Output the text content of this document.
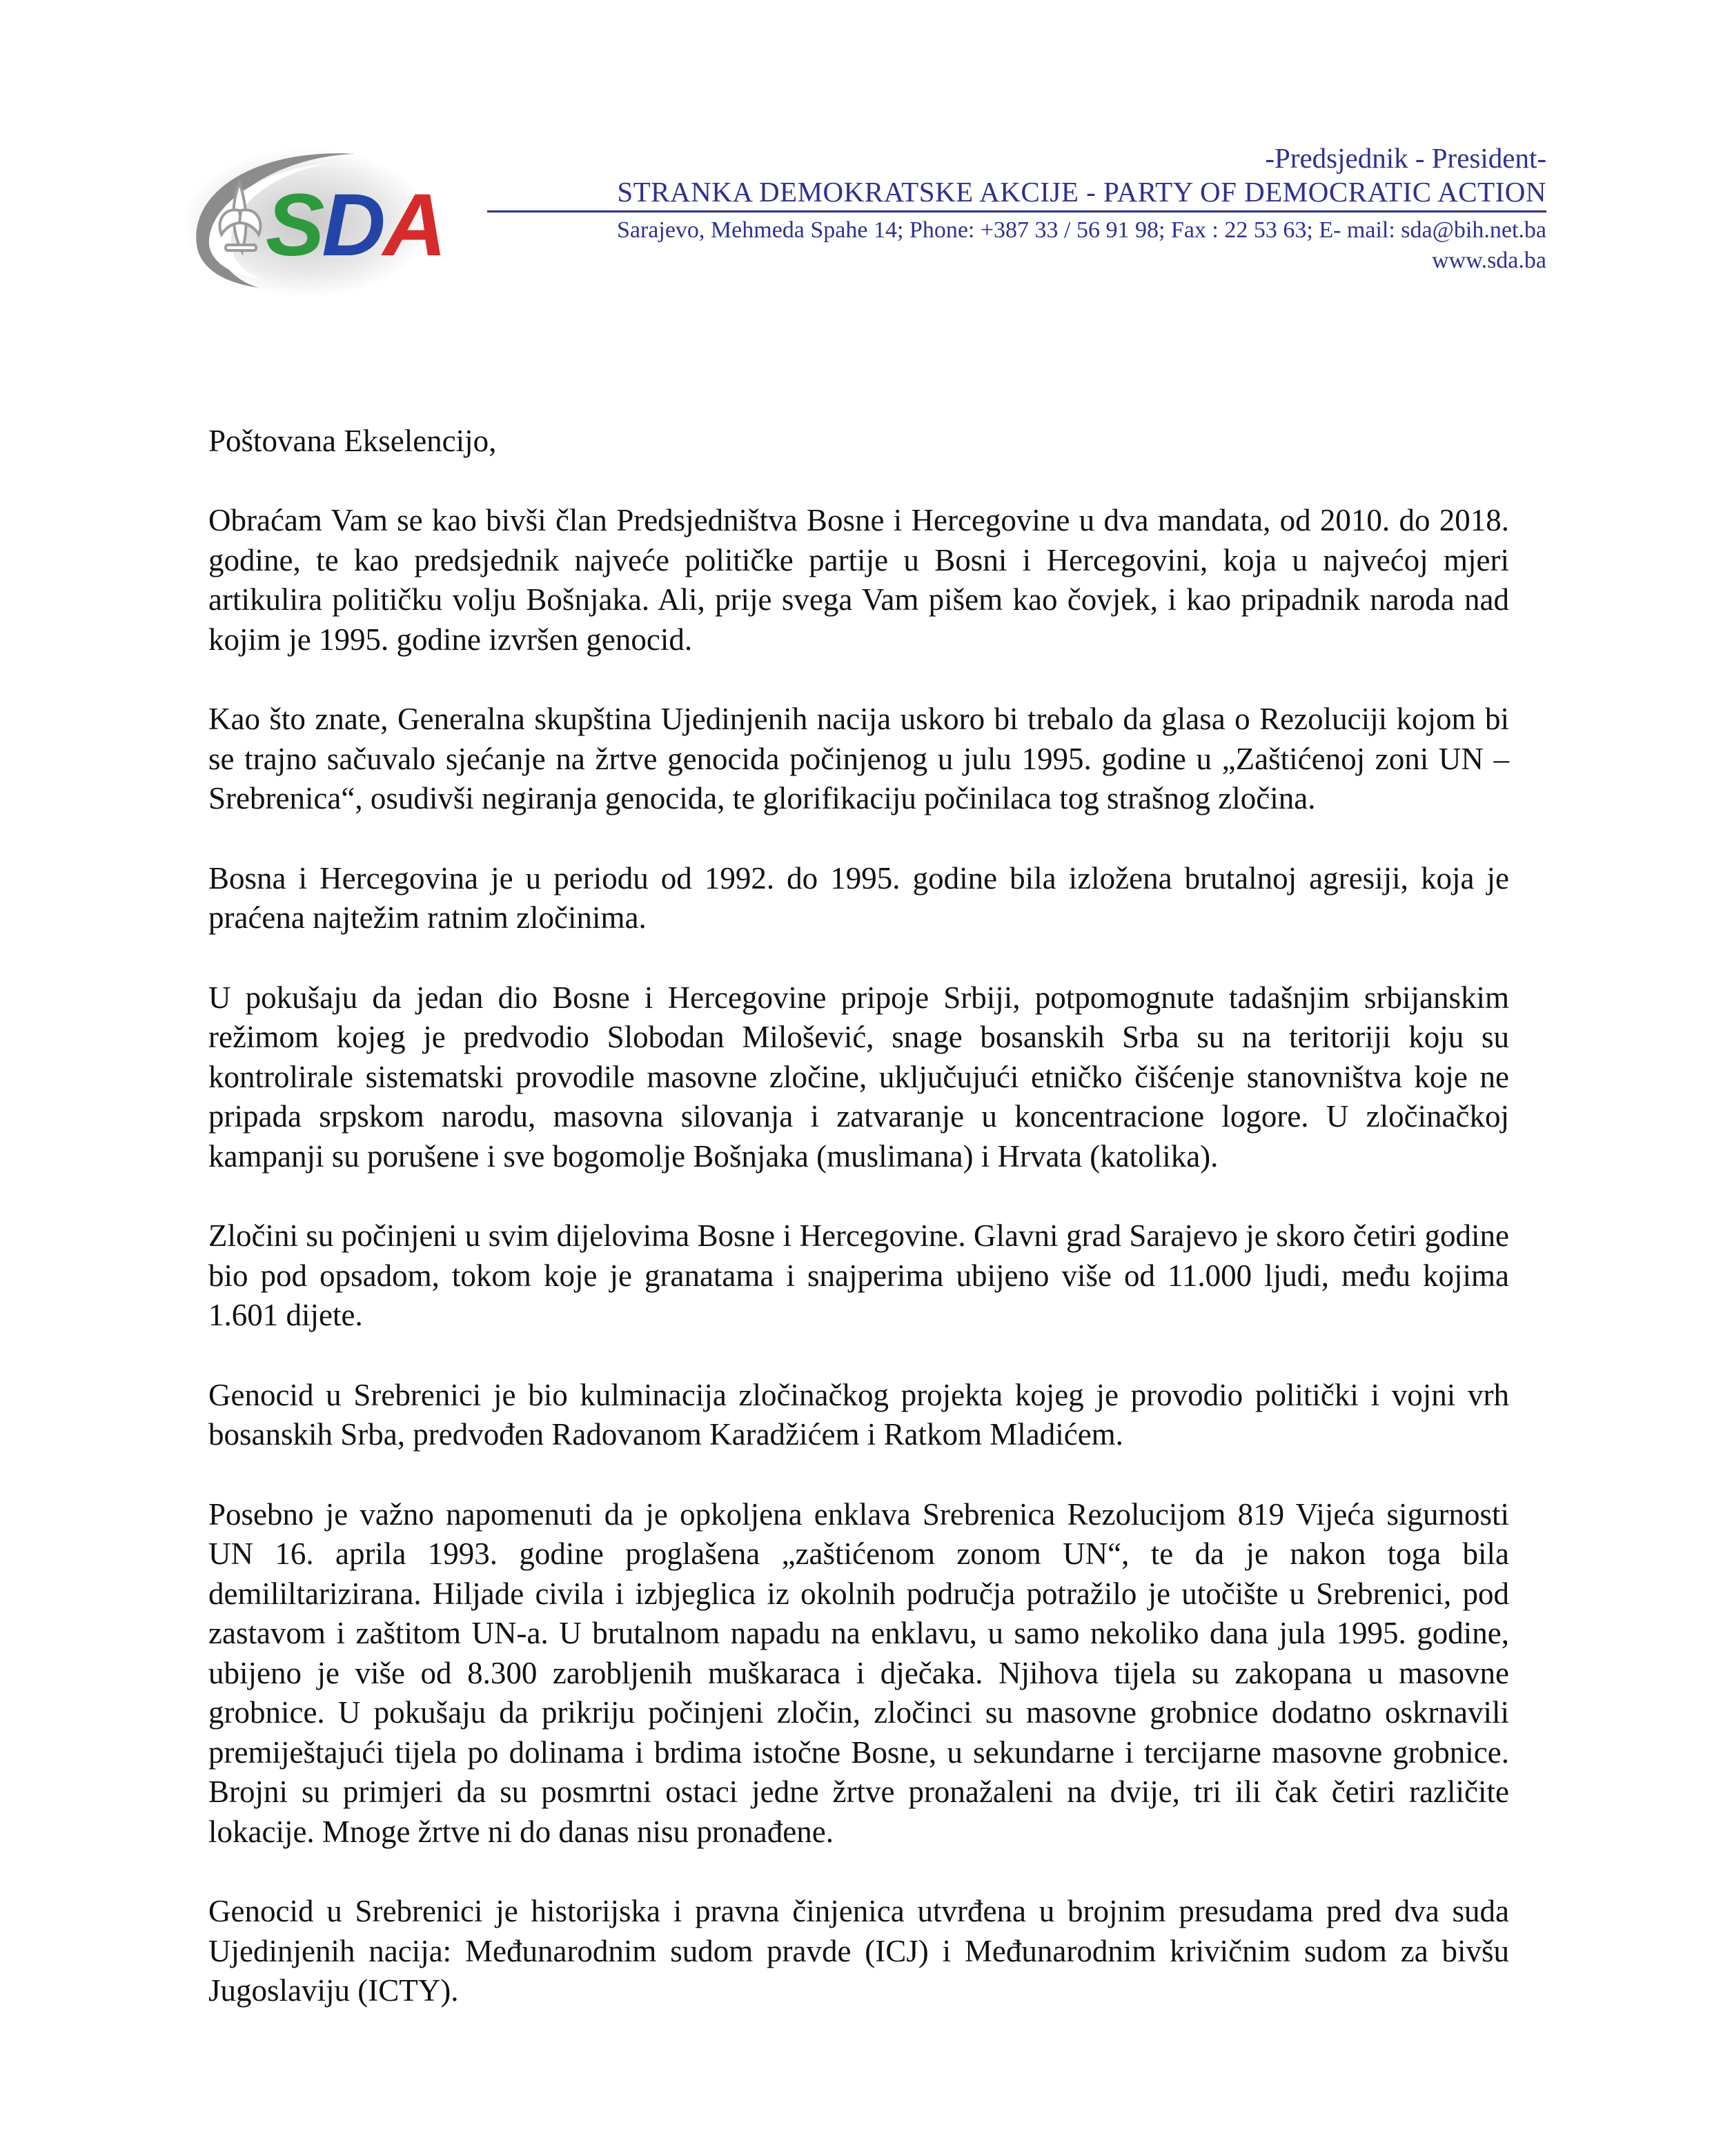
SDA
-Predsjednik - President-
STRANKA DEMOKRATSKE AKCIJE - PARTY OF DEMOCRATIC ACTION
Sarajevo, Mehmeda Spahe 14; Phone: +387 33 / 56 91 98; Fax : 22 53 63; E- mail: sda@bih.net.ba
www.sda.ba

Poštovana Ekselencijo,

Obraćam Vam se kao bivši član Predsjedništva Bosne i Hercegovine u dva mandata, od 2010. do 2018. godine, te kao predsjednik najveće političke partije u Bosni i Hercegovini, koja u najvećoj mjeri artikulira političku volju Bošnjaka. Ali, prije svega Vam pišem kao čovjek, i kao pripadnik naroda nad kojim je 1995. godine izvršen genocid.

Kao što znate, Generalna skupština Ujedinjenih nacija uskoro bi trebalo da glasa o Rezoluciji kojom bi se trajno sačuvalo sjećanje na žrtve genocida počinjenog u julu 1995. godine u „Zaštićenoj zoni UN – Srebrenica“, osudivši negiranja genocida, te glorifikaciju počinilaca tog strašnog zločina.

Bosna i Hercegovina je u periodu od 1992. do 1995. godine bila izložena brutalnoj agresiji, koja je praćena najtežim ratnim zločinima.

U pokušaju da jedan dio Bosne i Hercegovine pripoje Srbiji, potpomognute tadašnjim srbijanskim režimom kojeg je predvodio Slobodan Milošević, snage bosanskih Srba su na teritoriji koju su kontrolirale sistematski provodile masovne zločine, uključujući etničko čišćenje stanovništva koje ne pripada srpskom narodu, masovna silovanja i zatvaranje u koncentracione logore. U zločinačkoj kampanji su porušene i sve bogomolje Bošnjaka (muslimana) i Hrvata (katolika).

Zločini su počinjeni u svim dijelovima Bosne i Hercegovine. Glavni grad Sarajevo je skoro četiri godine bio pod opsadom, tokom koje je granatama i snajperima ubijeno više od 11.000 ljudi, među kojima 1.601 dijete.

Genocid u Srebrenici je bio kulminacija zločinačkog projekta kojeg je provodio politički i vojni vrh bosanskih Srba, predvođen Radovanom Karadžićem i Ratkom Mladićem.

Posebno je važno napomenuti da je opkoljena enklava Srebrenica Rezolucijom 819 Vijeća sigurnosti UN 16. aprila 1993. godine proglašena „zaštićenom zonom UN“, te da je nakon toga bila demililtarizirana. Hiljade civila i izbjeglica iz okolnih područja potražilo je utočište u Srebrenici, pod zastavom i zaštitom UN-a. U brutalnom napadu na enklavu, u samo nekoliko dana jula 1995. godine, ubijeno je više od 8.300 zarobljenih muškaraca i dječaka. Njihova tijela su zakopana u masovne grobnice. U pokušaju da prikriju počinjeni zločin, zločinci su masovne grobnice dodatno oskrnavili premiještajući tijela po dolinama i brdima istočne Bosne, u sekundarne i tercijarne masovne grobnice. Brojni su primjeri da su posmrtni ostaci jedne žrtve pronažaleni na dvije, tri ili čak četiri različite lokacije. Mnoge žrtve ni do danas nisu pronađene.

Genocid u Srebrenici je historijska i pravna činjenica utvrđena u brojnim presudama pred dva suda Ujedinjenih nacija: Međunarodnim sudom pravde (ICJ) i Međunarodnim krivičnim sudom za bivšu Jugoslaviju (ICTY).
